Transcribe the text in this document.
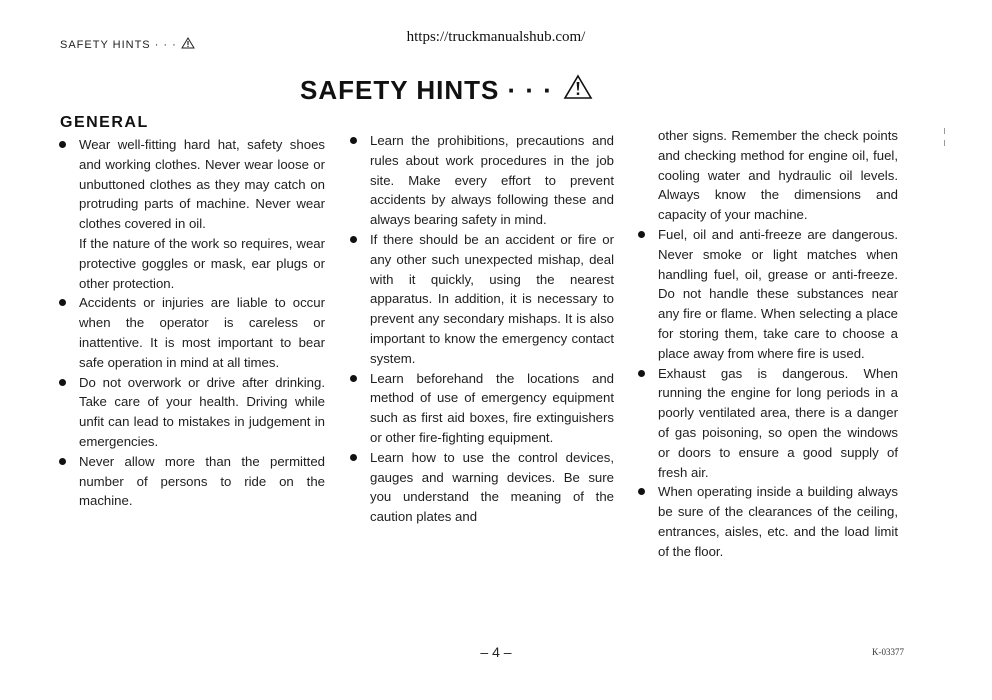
SAFETY HINTS · · ·	https://truckmanualshub.com/
SAFETY HINTS · · ·
GENERAL

Wear well-fitting hard hat, safety shoes and working clothes. Never wear loose or unbuttoned clothes as they may catch on protruding parts of machine. Never wear clothes covered in oil.

If the nature of the work so requires, wear protective goggles or mask, ear plugs or other protection.

Accidents or injuries are liable to occur when the operator is careless or inattentive. It is most important to bear safe operation in mind at all times.

Do not overwork or drive after drinking. Take care of your health. Driving while unfit can lead to mistakes in judgement in emergencies.

Never allow more than the permitted number of persons to ride on the machine.

Learn the prohibitions, precautions and rules about work procedures in the job site. Make every effort to prevent accidents by always following these and always bearing safety in mind.

If there should be an accident or fire or any other such unexpected mishap, deal with it quickly, using the nearest apparatus. In addition, it is necessary to prevent any secondary mishaps. It is also important to know the emergency contact system.

Learn beforehand the locations and method of use of emergency equipment such as first aid boxes, fire extinguishers or other fire-fighting equipment.

Learn how to use the control devices, gauges and warning devices. Be sure you understand the meaning of the caution plates and

other signs. Remember the check points and checking method for engine oil, fuel, cooling water and hydraulic oil levels. Always know the dimensions and capacity of your machine.

Fuel, oil and anti-freeze are dangerous. Never smoke or light matches when handling fuel, oil, grease or anti-freeze. Do not handle these substances near any fire or flame. When selecting a place for storing them, take care to choose a place away from where fire is used.

Exhaust gas is dangerous. When running the engine for long periods in a poorly ventilated area, there is a danger of gas poisoning, so open the windows or doors to ensure a good supply of fresh air.

When operating inside a building always be sure of the clearances of the ceiling, entrances, aisles, etc. and the load limit of the floor.

– 4 –	K-03377
